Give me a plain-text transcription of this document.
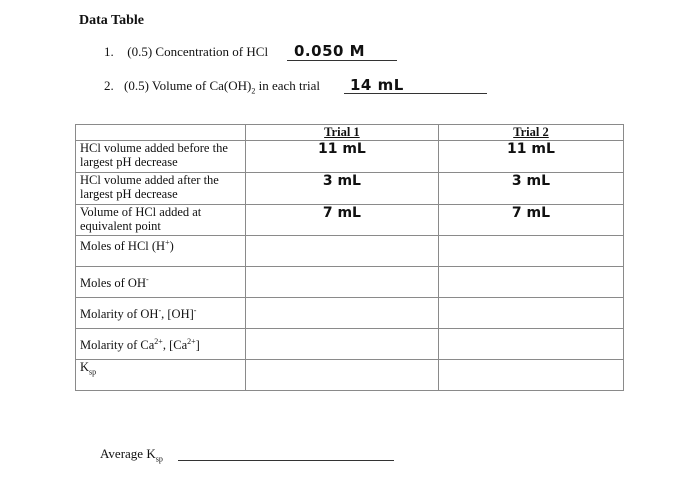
Data Table
1. (0.5) Concentration of HCl 0.050 M
2. (0.5) Volume of $Ca(OH)_2$ in each trial 14 mL
	Trial 1	Trial 2
HCl volume added before the largest pH decrease	11 mL	11 mL
HCl volume added after the largest pH decrease	3 mL	3 mL
Volume of HCl added at equivalent point	7 mL	7 mL
Moles of HCl (H+)		
Moles of OH-		
Molarity of OH-, [OH]-		
Molarity of $Ca^{2+}$, $[Ca^{2+}]$		
$K_{sp}$		
Average $K_{sp}$
